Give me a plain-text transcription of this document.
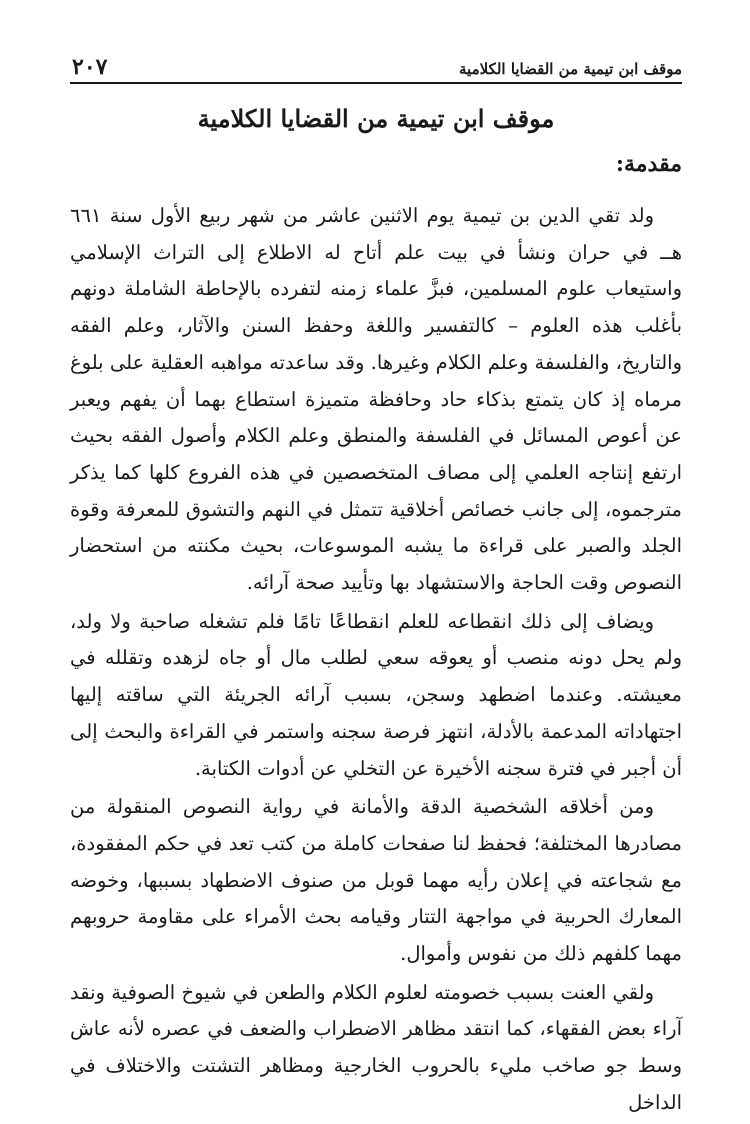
موقف ابن تيمية من القضايا الكلامية
٢٠٧
موقف ابن تيمية من القضايا الكلامية
مقدمة:

ولد تقي الدين بن تيمية يوم الاثنين عاشر من شهر ربيع الأول سنة ٦٦١ هــ في حران ونشأ في بيت علم أتاح له الاطلاع إلى التراث الإسلامي واستيعاب علوم المسلمين، فبزَّ علماء زمنه لتفرده بالإحاطة الشاملة دونهم بأغلب هذه العلوم – كالتفسير واللغة وحفظ السنن والآثار، وعلم الفقه والتاريخ، والفلسفة وعلم الكلام وغيرها. وقد ساعدته مواهبه العقلية على بلوغ مرماه إذ كان يتمتع بذكاء حاد وحافظة متميزة استطاع بهما أن يفهم ويعبر عن أعوص المسائل في الفلسفة والمنطق وعلم الكلام وأصول الفقه بحيث ارتفع إنتاجه العلمي إلى مصاف المتخصصين في هذه الفروع كلها كما يذكر مترجموه، إلى جانب خصائص أخلاقية تتمثل في النهم والتشوق للمعرفة وقوة الجلد والصبر على قراءة ما يشبه الموسوعات، بحيث مكنته من استحضار النصوص وقت الحاجة والاستشهاد بها وتأييد صحة آرائه.

ويضاف إلى ذلك انقطاعه للعلم انقطاعًا تامًا فلم تشغله صاحبة ولا ولد، ولم يحل دونه منصب أو يعوقه سعي لطلب مال أو جاه لزهده وتقلله في معيشته. وعندما اضطهد وسجن، بسبب آرائه الجريئة التي ساقته إليها اجتهاداته المدعمة بالأدلة، انتهز فرصة سجنه واستمر في القراءة والبحث إلى أن أجبر في فترة سجنه الأخيرة عن التخلي عن أدوات الكتابة.

ومن أخلاقه الشخصية الدقة والأمانة في رواية النصوص المنقولة من مصادرها المختلفة؛ فحفظ لنا صفحات كاملة من كتب تعد في حكم المفقودة، مع شجاعته في إعلان رأيه مهما قوبل من صنوف الاضطهاد بسببها، وخوضه المعارك الحربية في مواجهة التتار وقيامه بحث الأمراء على مقاومة حروبهم مهما كلفهم ذلك من نفوس وأموال.

ولقي العنت بسبب خصومته لعلوم الكلام والطعن في شيوخ الصوفية ونقد آراء بعض الفقهاء، كما انتقد مظاهر الاضطراب والضعف في عصره لأنه عاش وسط جو صاخب مليء بالحروب الخارجية ومظاهر التشتت والاختلاف في الداخل
